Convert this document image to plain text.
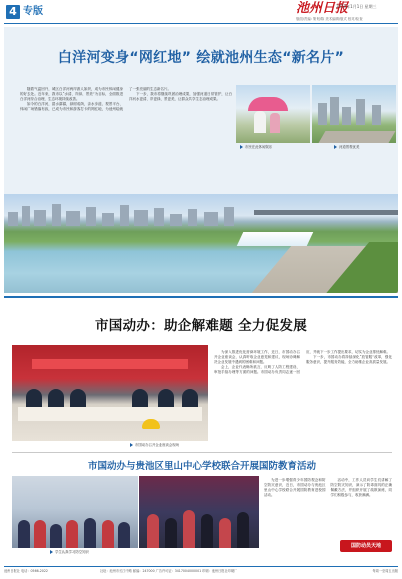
4 专版	池州日报
2019年1月1日 星期三
版面/责编: 策划/陈 美术编辑/版式 校对/检查
白洋河变身“网红地” 绘就池州生态“新名片”

随着气温回升，城区白洋河两岸游人如织，成为市民休闲健身的好去处。近年来，我市以“水清、岸绿、景美”为目标，全面推进白洋河综合治理，生态环境持续改善。

如今的白洋河，碧水潺潺，绿树成荫，亲水步道、观景平台、休闲广场错落有致，已成为市民和游客打卡的网红地，为池州绘就了一张亮丽的生态新名片。

下一步，我市将继续巩固治理成果，加强河道日常管护，让白洋河水更清、岸更绿、景更美，让群众共享生态治理成果。

市民在此休闲娱乐	河道景观优美
市国动办：助企解难题 全力促发展
市国动办召开企业座谈会现场

为深入推进优化营商环境工作，近日，市国动办召开企业座谈会，认真听取企业意见和建议，现场协调解决企业发展中遇到的困难和问题。

会上，企业代表畅所欲言，反映了人防工程建设、审批手续办理等方面的问题。市国动办负责同志逐一回应，并就下一步工作提出要求，切实为企业排忧解难。

下一步，市国动办将持续深化“放管服”改革，强化服务意识，提升服务效能，全力助推企业高质量发展。

市国动办与贵池区里山中心学校联合开展国防教育活动
学生认真学习防空知识

为进一步增强青少年国防观念和防空防灾意识，近日，市国动办与贵池区里山中心学校联合开展国防教育进校园活动。

活动中，工作人员向学生们讲解了防空防灾知识，演示了防毒面具的正确佩戴方法，并组织开展了疏散演练，同学们积极参与，收获满满。

国防动员天地
池州日报社 电话：0566-2022	社址：池州市长江中路 邮编：247000 广告许可证：3417004000001 印刷：池州日报社印刷厂	每周一至周五出版
